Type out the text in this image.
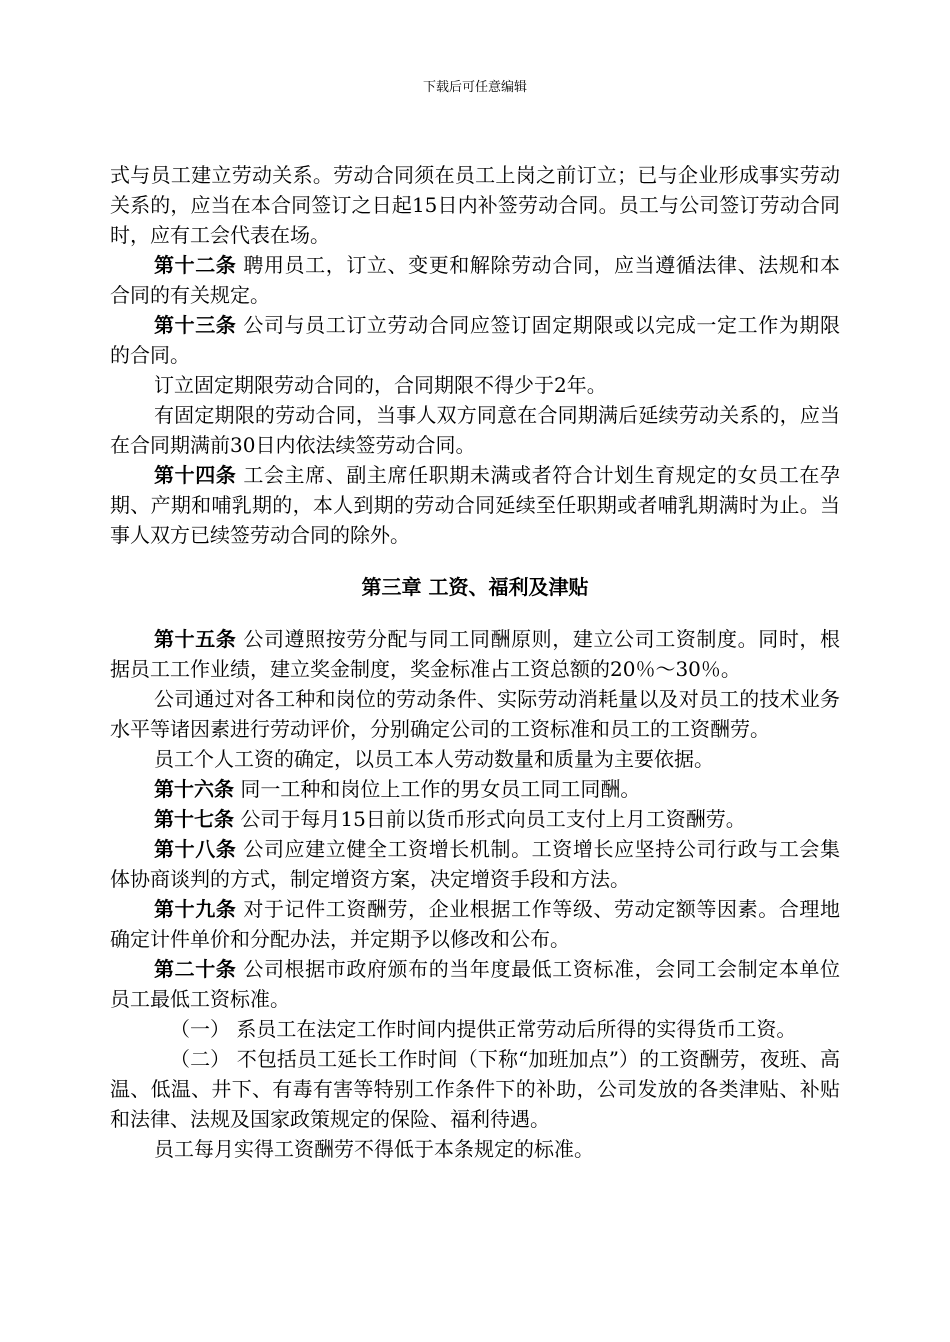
下载后可任意编辑

式与员工建立劳动关系。劳动合同须在员工上岗之前订立；已与企业形成事实劳动关系的，应当在本合同签订之日起15日内补签劳动合同。员工与公司签订劳动合同时，应有工会代表在场。

第十二条 聘用员工，订立、变更和解除劳动合同，应当遵循法律、法规和本合同的有关规定。

第十三条 公司与员工订立劳动合同应签订固定期限或以完成一定工作为期限的合同。

订立固定期限劳动合同的，合同期限不得少于2年。

有固定期限的劳动合同，当事人双方同意在合同期满后延续劳动关系的，应当在合同期满前30日内依法续签劳动合同。

第十四条 工会主席、副主席任职期未满或者符合计划生育规定的女员工在孕期、产期和哺乳期的，本人到期的劳动合同延续至任职期或者哺乳期满时为止。当事人双方已续签劳动合同的除外。

第三章 工资、福利及津贴

第十五条 公司遵照按劳分配与同工同酬原则，建立公司工资制度。同时，根据员工工作业绩，建立奖金制度，奖金标准占工资总额的20％～30％。

公司通过对各工种和岗位的劳动条件、实际劳动消耗量以及对员工的技术业务水平等诸因素进行劳动评价，分别确定公司的工资标准和员工的工资酬劳。

员工个人工资的确定，以员工本人劳动数量和质量为主要依据。

第十六条 同一工种和岗位上工作的男女员工同工同酬。

第十七条 公司于每月15日前以货币形式向员工支付上月工资酬劳。

第十八条 公司应建立健全工资增长机制。工资增长应坚持公司行政与工会集体协商谈判的方式，制定增资方案，决定增资手段和方法。

第十九条 对于记件工资酬劳，企业根据工作等级、劳动定额等因素。合理地确定计件单价和分配办法，并定期予以修改和公布。

第二十条 公司根据市政府颁布的当年度最低工资标准，会同工会制定本单位员工最低工资标准。

（一） 系员工在法定工作时间内提供正常劳动后所得的实得货币工资。

（二） 不包括员工延长工作时间（下称“加班加点”）的工资酬劳，夜班、高温、低温、井下、有毒有害等特别工作条件下的补助，公司发放的各类津贴、补贴和法律、法规及国家政策规定的保险、福利待遇。

员工每月实得工资酬劳不得低于本条规定的标准。
